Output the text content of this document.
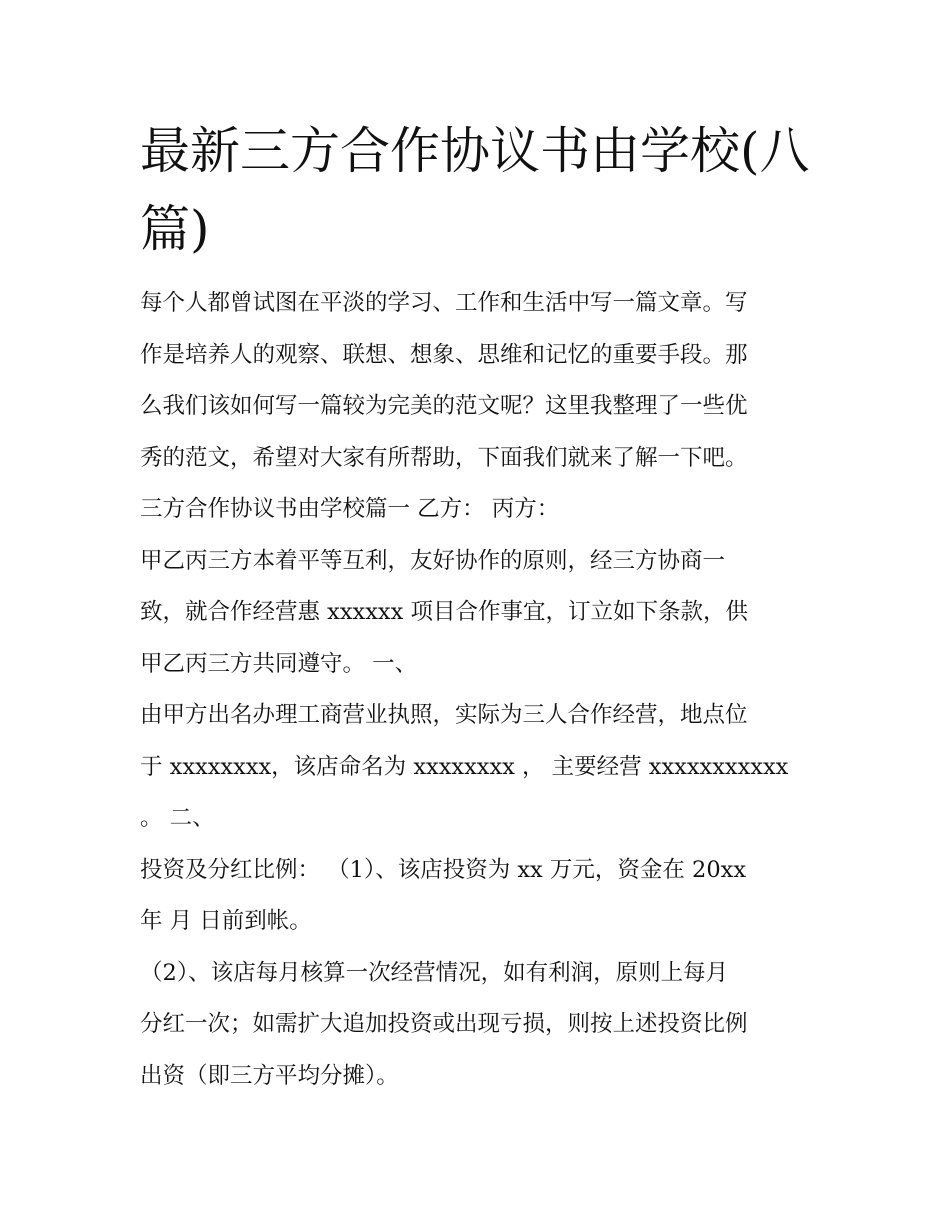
最新三方合作协议书由学校(八
篇)
每个人都曾试图在平淡的学习、工作和生活中写一篇文章。写
作是培养人的观察、联想、想象、思维和记忆的重要手段。那
么我们该如何写一篇较为完美的范文呢？这里我整理了一些优
秀的范文，希望对大家有所帮助，下面我们就来了解一下吧。
三方合作协议书由学校篇一 乙方： 丙方：
甲乙丙三方本着平等互利，友好协作的原则，经三方协商一
致，就合作经营惠 xxxxxx 项目合作事宜，订立如下条款，供
甲乙丙三方共同遵守。 一、
由甲方出名办理工商营业执照，实际为三人合作经营，地点位
于 xxxxxxxx，该店命名为 xxxxxxxx ， 主要经营 xxxxxxxxxxx
。 二、
投资及分红比例： （1）、该店投资为 xx 万元，资金在 20xx
年 月 日前到帐。
（2）、该店每月核算一次经营情况，如有利润，原则上每月
分红一次；如需扩大追加投资或出现亏损，则按上述投资比例
出资（即三方平均分摊）。
